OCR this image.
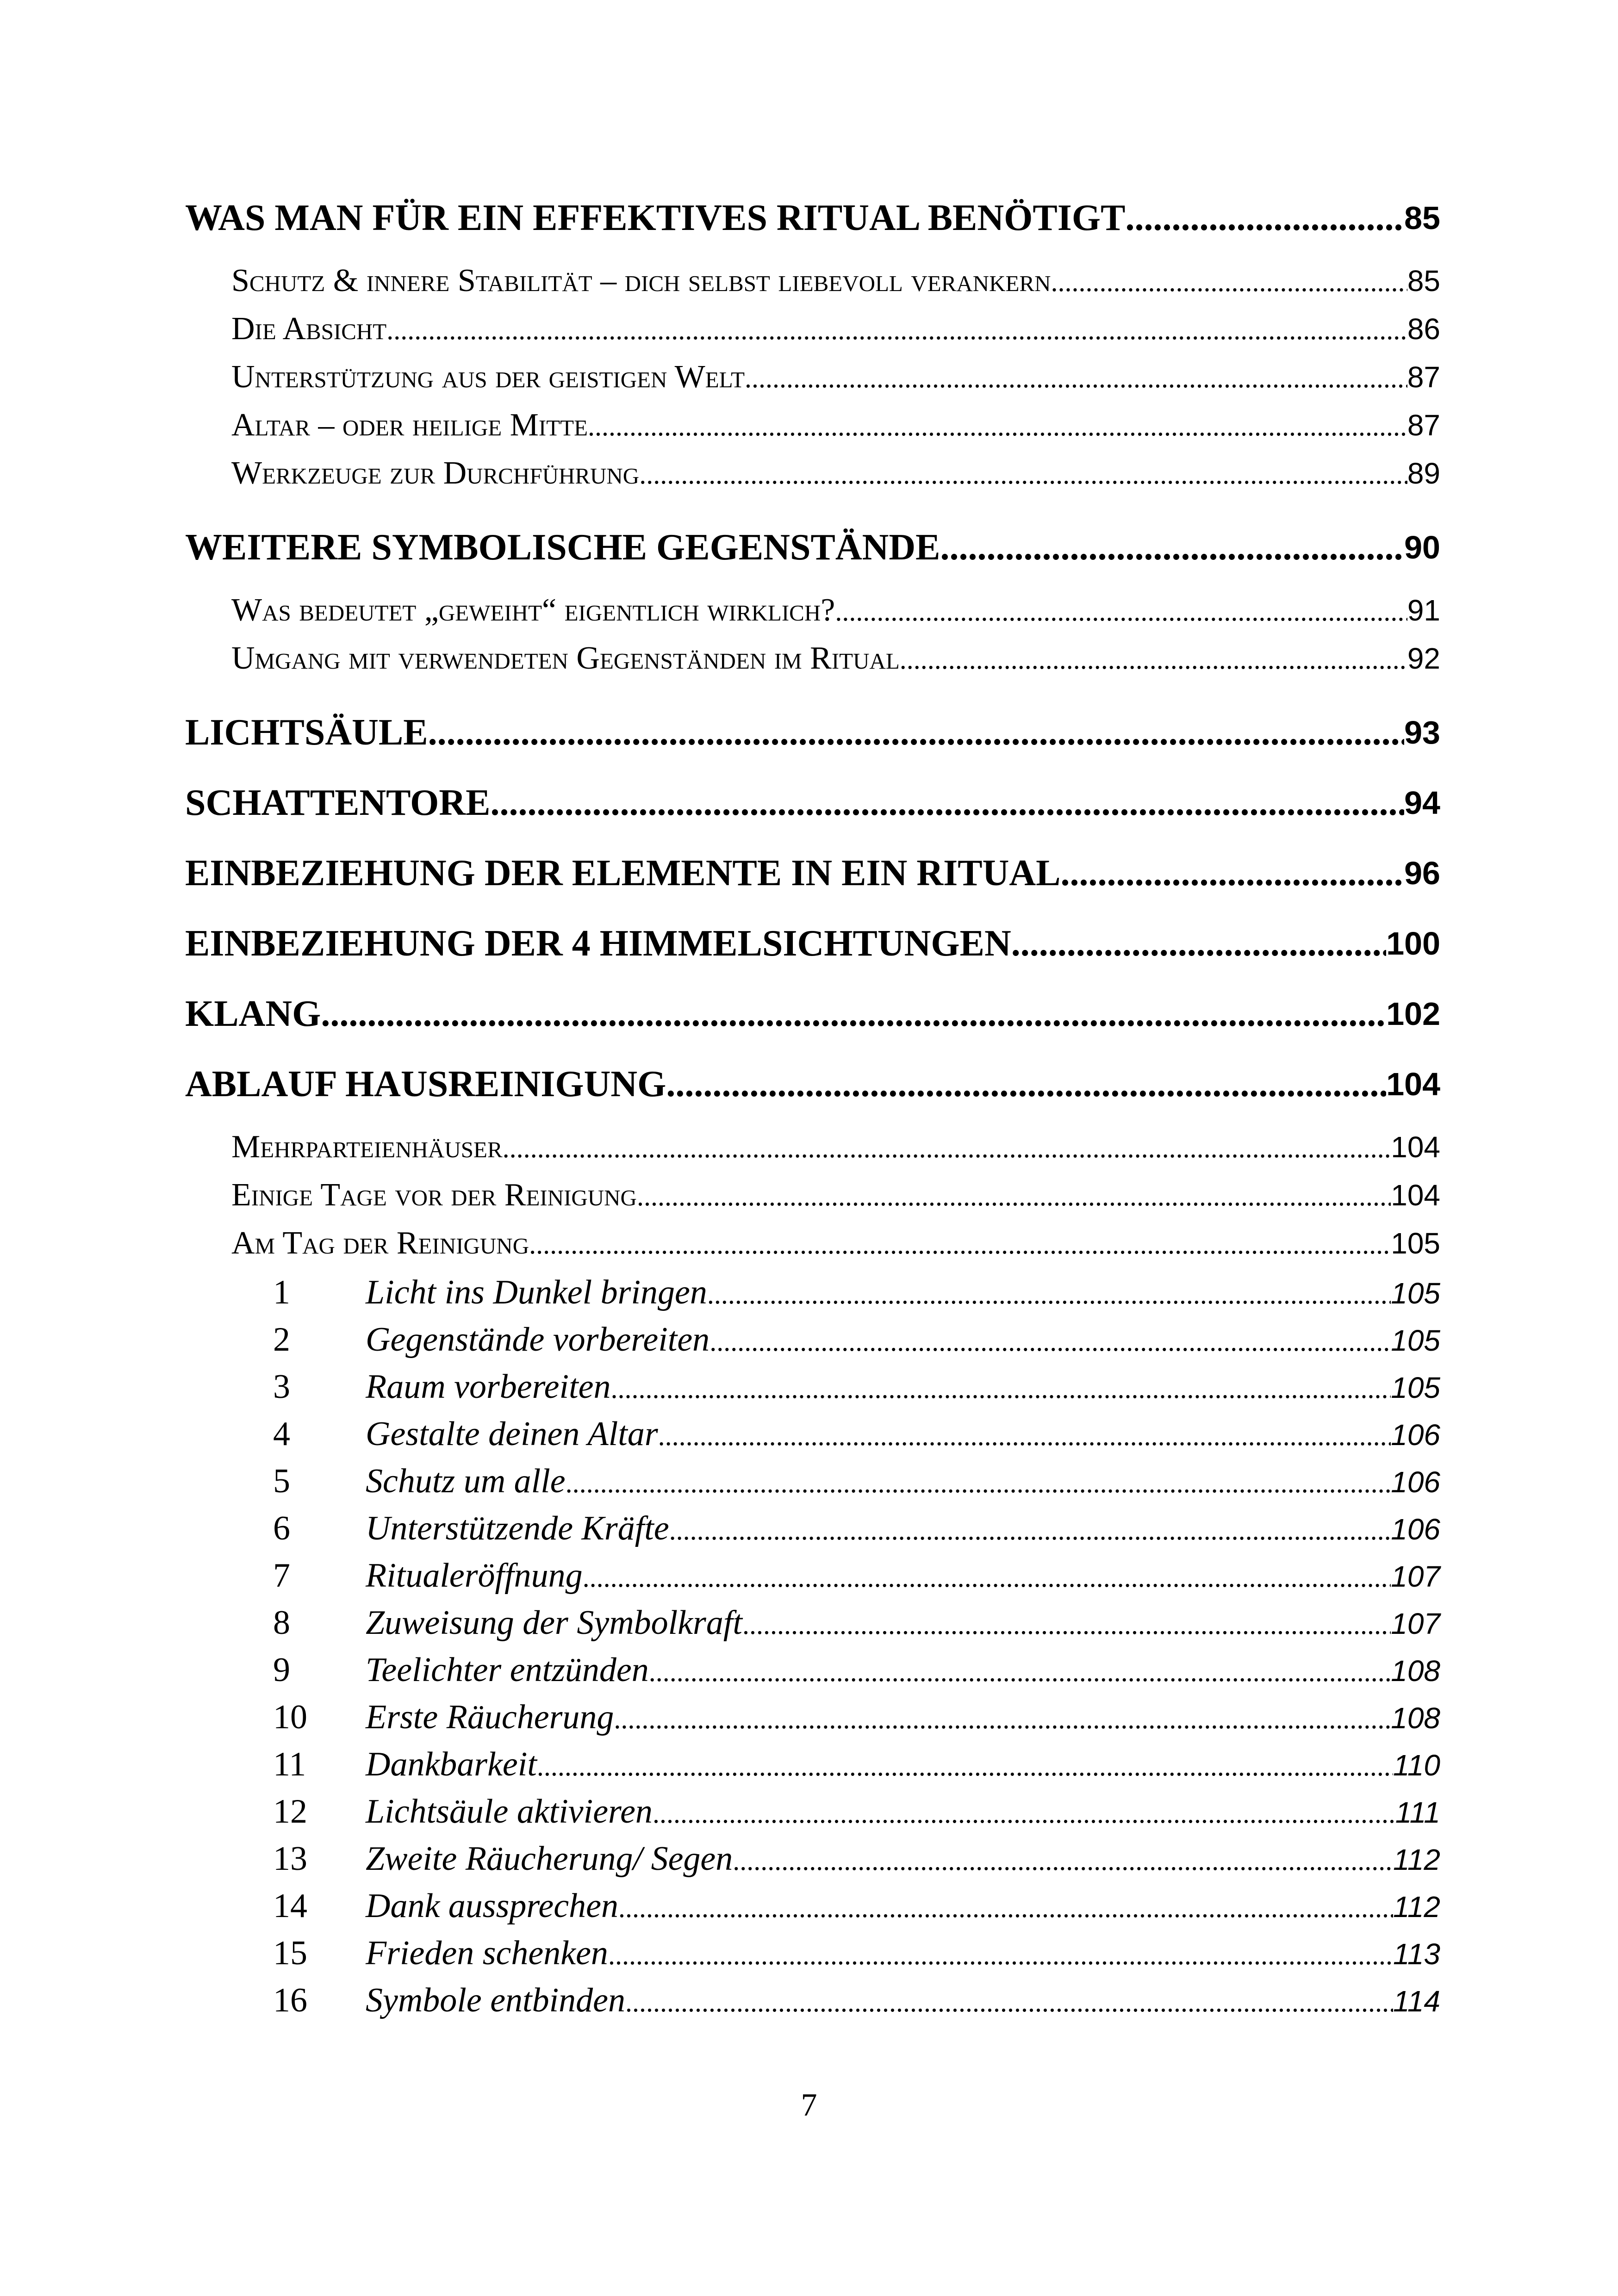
WAS MAN FÜR EIN EFFEKTIVES RITUAL BENÖTIGT .....	85
Schutz & innere Stabilität – dich selbst liebevoll verankern .....	85
Die Absicht .....	86
Unterstützung aus der geistigen Welt .....	87
Altar – oder heilige Mitte .....	87
Werkzeuge zur Durchführung .....	89
WEITERE SYMBOLISCHE GEGENSTÄNDE .....	90
Was bedeutet „geweiht“ eigentlich wirklich? .....	91
Umgang mit verwendeten Gegenständen im Ritual .....	92
LICHTSÄULE .....	93
SCHATTENTORE .....	94
EINBEZIEHUNG DER ELEMENTE IN EIN RITUAL .....	96
EINBEZIEHUNG DER 4 HIMMELSICHTUNGEN .....	100
KLANG .....	102
ABLAUF HAUSREINIGUNG .....	104
Mehrparteienhäuser .....	104
Einige Tage vor der Reinigung .....	104
Am Tag der Reinigung .....	105
1	Licht ins Dunkel bringen .....	105
2	Gegenstände vorbereiten .....	105
3	Raum vorbereiten .....	105
4	Gestalte deinen Altar .....	106
5	Schutz um alle .....	106
6	Unterstützende Kräfte .....	106
7	Ritualeröffnung .....	107
8	Zuweisung der Symbolkraft .....	107
9	Teelichter entzünden .....	108
10	Erste Räucherung .....	108
11	Dankbarkeit .....	110
12	Lichtsäule aktivieren .....	111
13	Zweite Räucherung/ Segen .....	112
14	Dank aussprechen .....	112
15	Frieden schenken .....	113
16	Symbole entbinden .....	114
7
